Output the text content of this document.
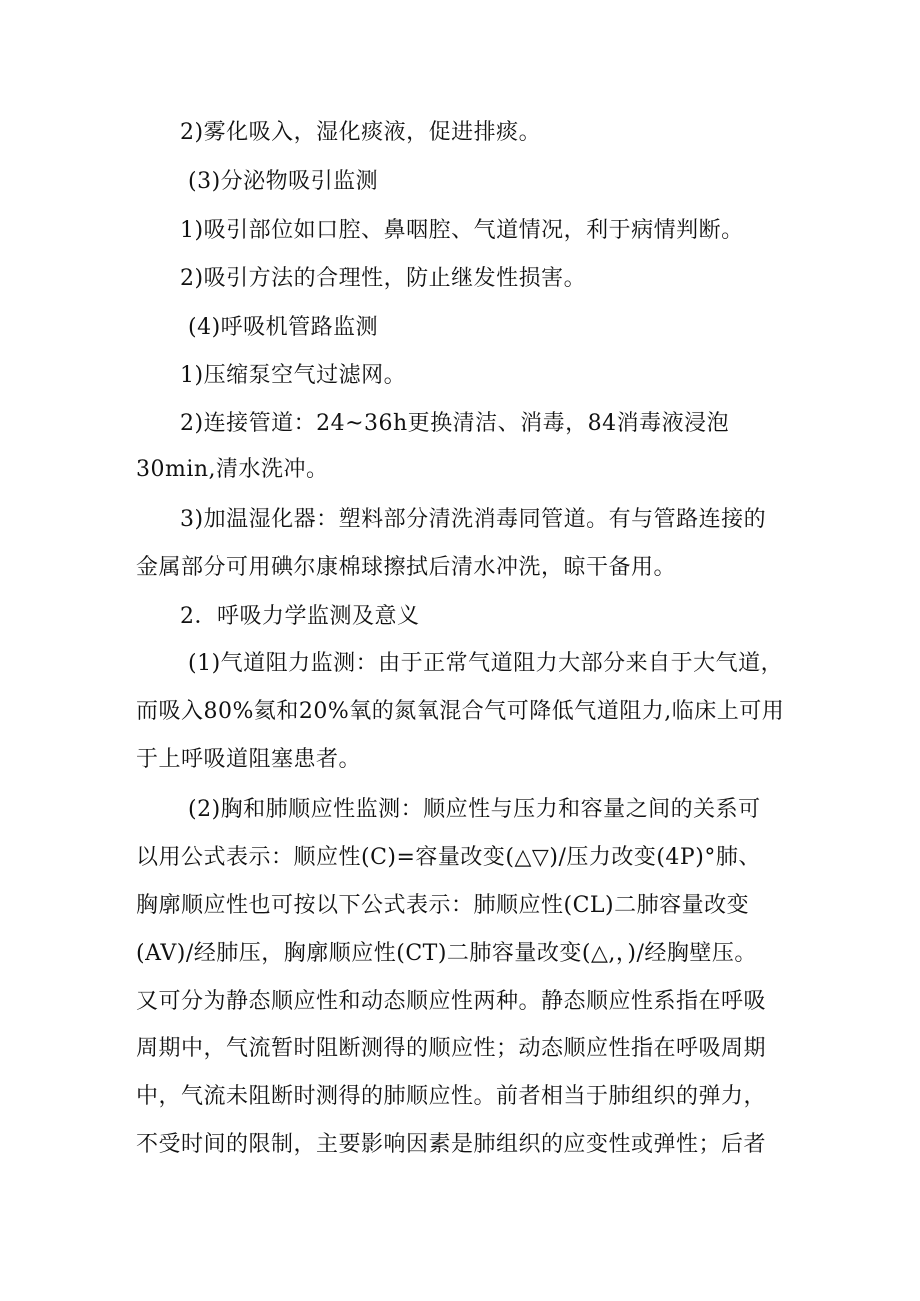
2)雾化吸入，湿化痰液，促进排痰。
(3)分泌物吸引监测
1)吸引部位如口腔、鼻咽腔、气道情况，利于病情判断。
2)吸引方法的合理性，防止继发性损害。
(4)呼吸机管路监测
1)压缩泵空气过滤网。
2)连接管道：24~36h更换清洁、消毒，84消毒液浸泡
30min,清水洗冲。
3)加温湿化器：塑料部分清洗消毒同管道。有与管路连接的
金属部分可用碘尔康棉球擦拭后清水冲洗，晾干备用。
2．呼吸力学监测及意义
(1)气道阻力监测：由于正常气道阻力大部分来自于大气道，
而吸入80%氦和20%氧的氮氧混合气可降低气道阻力,临床上可用
于上呼吸道阻塞患者。
(2)胸和肺顺应性监测：顺应性与压力和容量之间的关系可
以用公式表示：顺应性(C)=容量改变(△▽)/压力改变(4P)°肺、
胸廓顺应性也可按以下公式表示：肺顺应性(CL)二肺容量改变
(AV)/经肺压，胸廓顺应性(CT)二肺容量改变(△,，)/经胸壁压。
又可分为静态顺应性和动态顺应性两种。静态顺应性系指在呼吸
周期中，气流暂时阻断测得的顺应性；动态顺应性指在呼吸周期
中，气流未阻断时测得的肺顺应性。前者相当于肺组织的弹力，
不受时间的限制，主要影响因素是肺组织的应变性或弹性；后者
